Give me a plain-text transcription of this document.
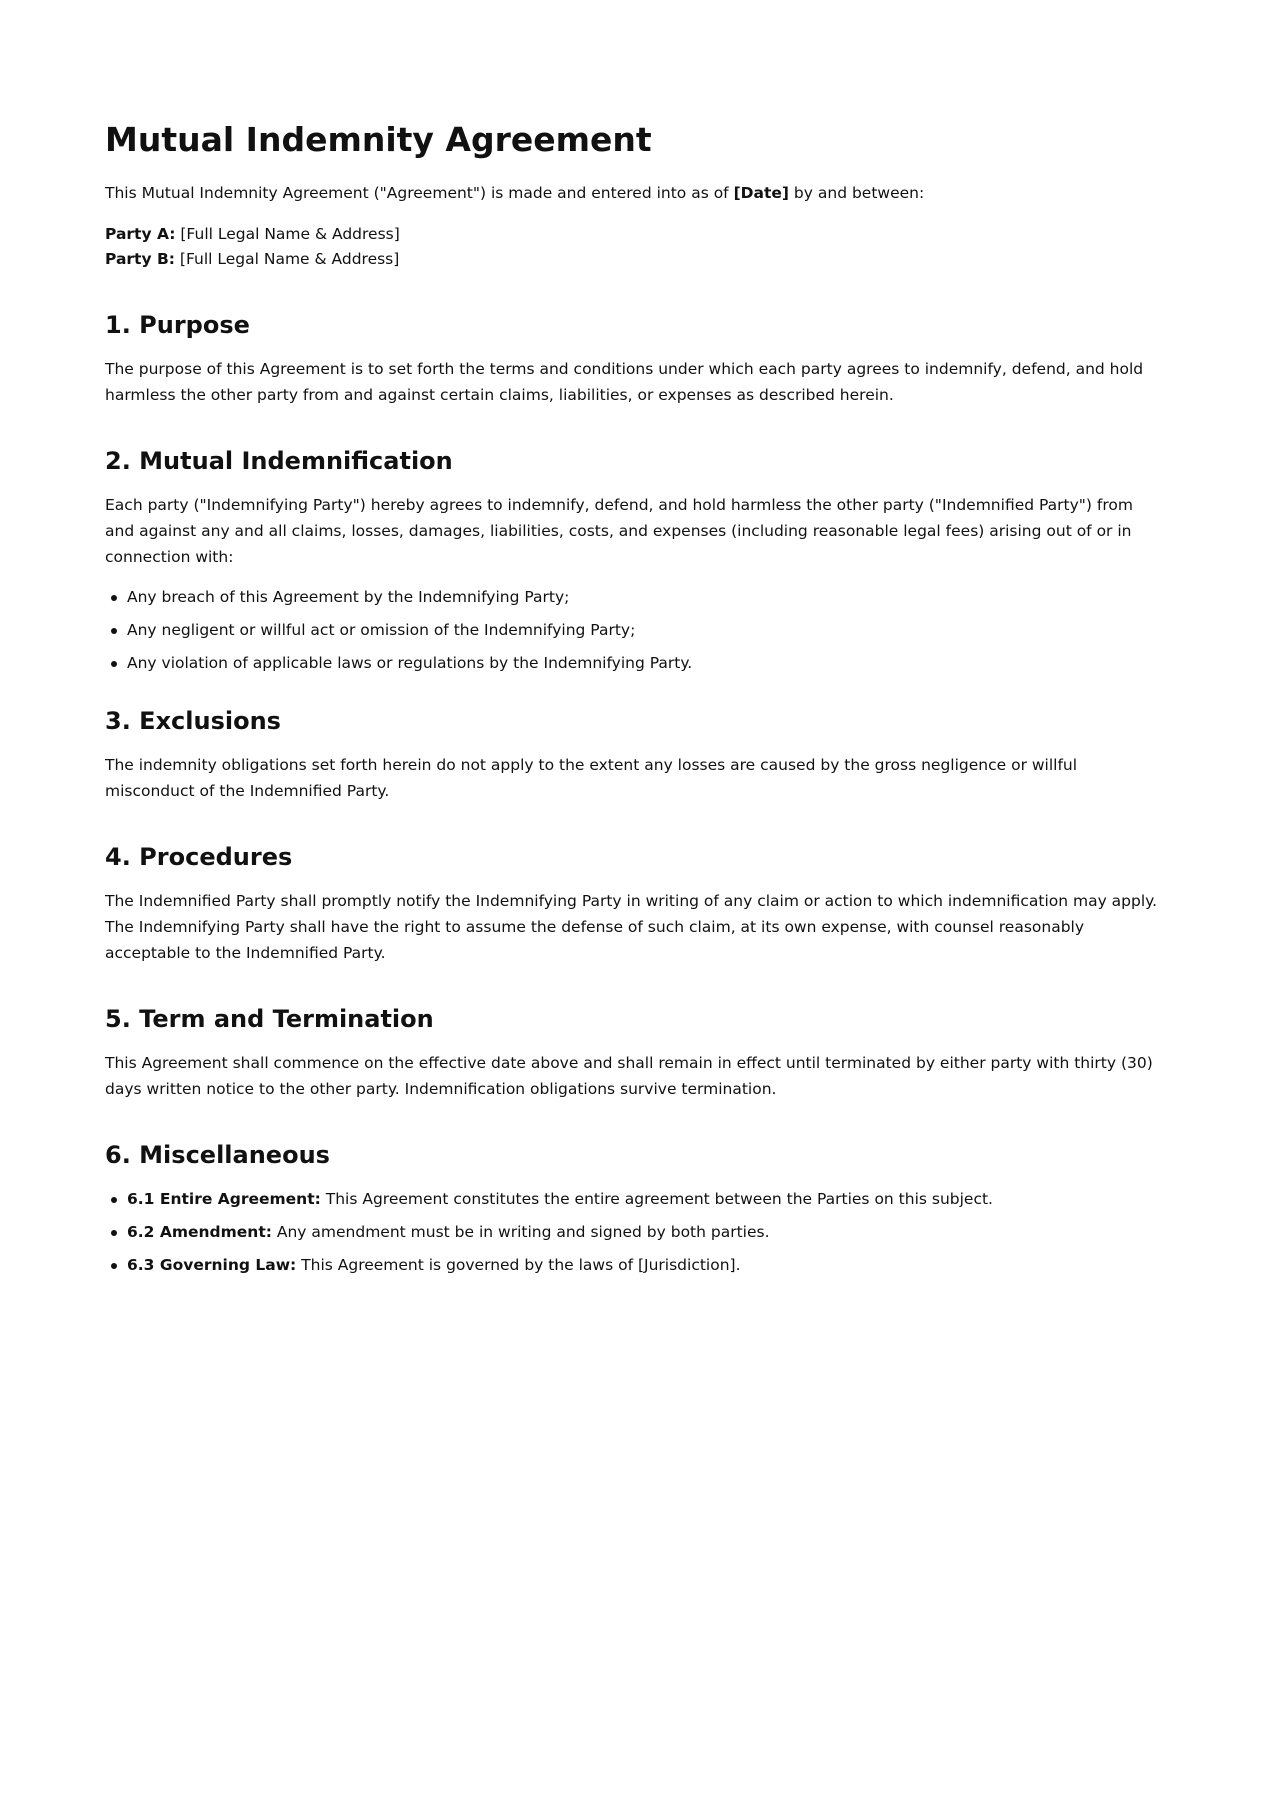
Mutual Indemnity Agreement

This Mutual Indemnity Agreement ("Agreement") is made and entered into as of [Date] by and between:

Party A: [Full Legal Name & Address]
Party B: [Full Legal Name & Address]
1. Purpose

The purpose of this Agreement is to set forth the terms and conditions under which each party agrees to indemnify, defend, and hold harmless the other party from and against certain claims, liabilities, or expenses as described herein.

2. Mutual Indemnification

Each party ("Indemnifying Party") hereby agrees to indemnify, defend, and hold harmless the other party ("Indemnified Party") from and against any and all claims, losses, damages, liabilities, costs, and expenses (including reasonable legal fees) arising out of or in connection with:

Any breach of this Agreement by the Indemnifying Party;
Any negligent or willful act or omission of the Indemnifying Party;
Any violation of applicable laws or regulations by the Indemnifying Party.
3. Exclusions

The indemnity obligations set forth herein do not apply to the extent any losses are caused by the gross negligence or willful misconduct of the Indemnified Party.

4. Procedures

The Indemnified Party shall promptly notify the Indemnifying Party in writing of any claim or action to which indemnification may apply. The Indemnifying Party shall have the right to assume the defense of such claim, at its own expense, with counsel reasonably acceptable to the Indemnified Party.

5. Term and Termination

This Agreement shall commence on the effective date above and shall remain in effect until terminated by either party with thirty (30) days written notice to the other party. Indemnification obligations survive termination.

6. Miscellaneous
6.1 Entire Agreement: This Agreement constitutes the entire agreement between the Parties on this subject.
6.2 Amendment: Any amendment must be in writing and signed by both parties.
6.3 Governing Law: This Agreement is governed by the laws of [Jurisdiction].
